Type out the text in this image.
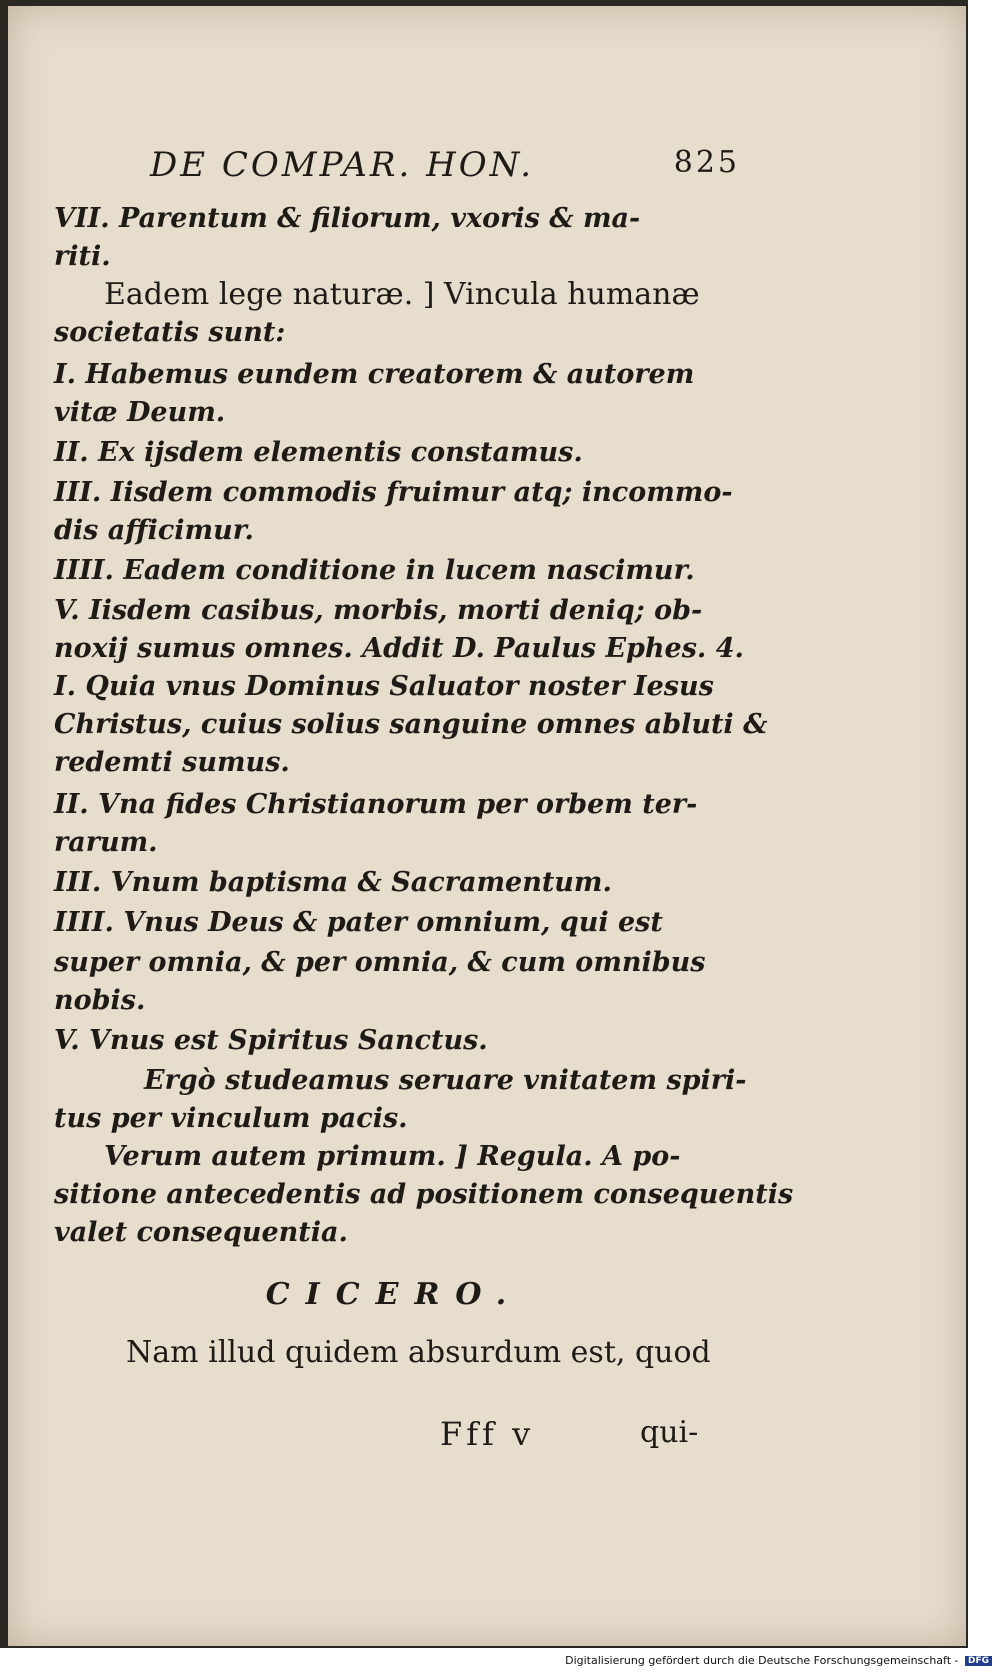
DE COMPAR. HON.	825
VII. Parentum & filiorum, vxoris & ma-
riti.
Eadem lege naturæ. ] Vincula humanæ
societatis sunt:
I. Habemus eundem creatorem & autorem
vitæ Deum.
II. Ex ijsdem elementis constamus.
III. Iisdem commodis fruimur atq; incommo-
dis afficimur.
IIII. Eadem conditione in lucem nascimur.
V. Iisdem casibus, morbis, morti deniq; ob-
noxij sumus omnes. Addit D. Paulus Ephes. 4.
I. Quia vnus Dominus Saluator noster Iesus
Christus, cuius solius sanguine omnes abluti &
redemti sumus.
II. Vna fides Christianorum per orbem ter-
rarum.
III. Vnum baptisma & Sacramentum.
IIII. Vnus Deus & pater omnium, qui est
super omnia, & per omnia, & cum omnibus
nobis.
V. Vnus est Spiritus Sanctus.
Ergò studeamus seruare vnitatem spiri-
tus per vinculum pacis.
Verum autem primum. ] Regula. A po-
sitione antecedentis ad positionem consequentis
valet consequentia.
CICERO.
Nam illud quidem absurdum est, quod
Fff v	qui-
Digitalisierung gefördert durch die Deutsche Forschungsgemeinschaft - DFG
